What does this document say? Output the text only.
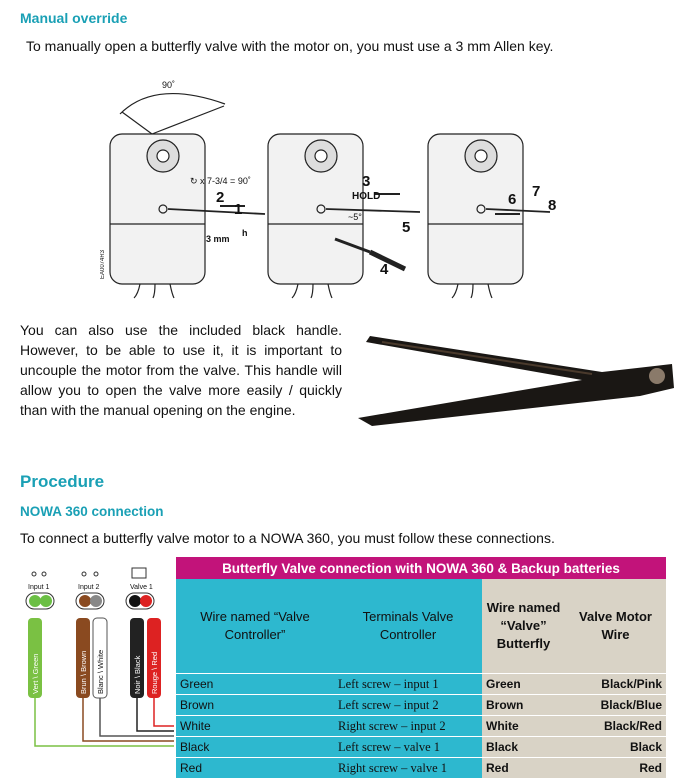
Manual override
To manually open a butterfly valve with the motor on, you must use a 3 mm Allen key.
90˚
↻ x 7-3/4 = 90˚
3 mm
h
HOLD
~5°
EA0074R3
1
2
3
4
5
6 7
8
You can also use the included black handle. However, to be able to use it, it is important to uncouple the motor from the valve. This handle will allow you to open the valve more easily / quickly than with the manual opening on the engine.
Procedure
NOWA 360 connection
To connect a butterfly valve motor to a NOWA 360, you must follow these connections.
Input 1	Input 2	Valve 1
Vert \ Green	Brun \ Brown Blanc \ White	Noir \ Black Rouge \ Red
Butterfly Valve connection with NOWA 360 & Backup batteries			
Wire named “Valve Controller”	Terminals Valve Controller	Wire named “Valve” Butterfly	Valve Motor Wire
Green	Left screw – input 1	Green	Black/Pink
Brown	Left screw – input 2	Brown	Black/Blue
White	Right screw – input 2	White	Black/Red
Black	Left screw – valve 1	Black	Black
Red	Right screw – valve 1	Red	Red
